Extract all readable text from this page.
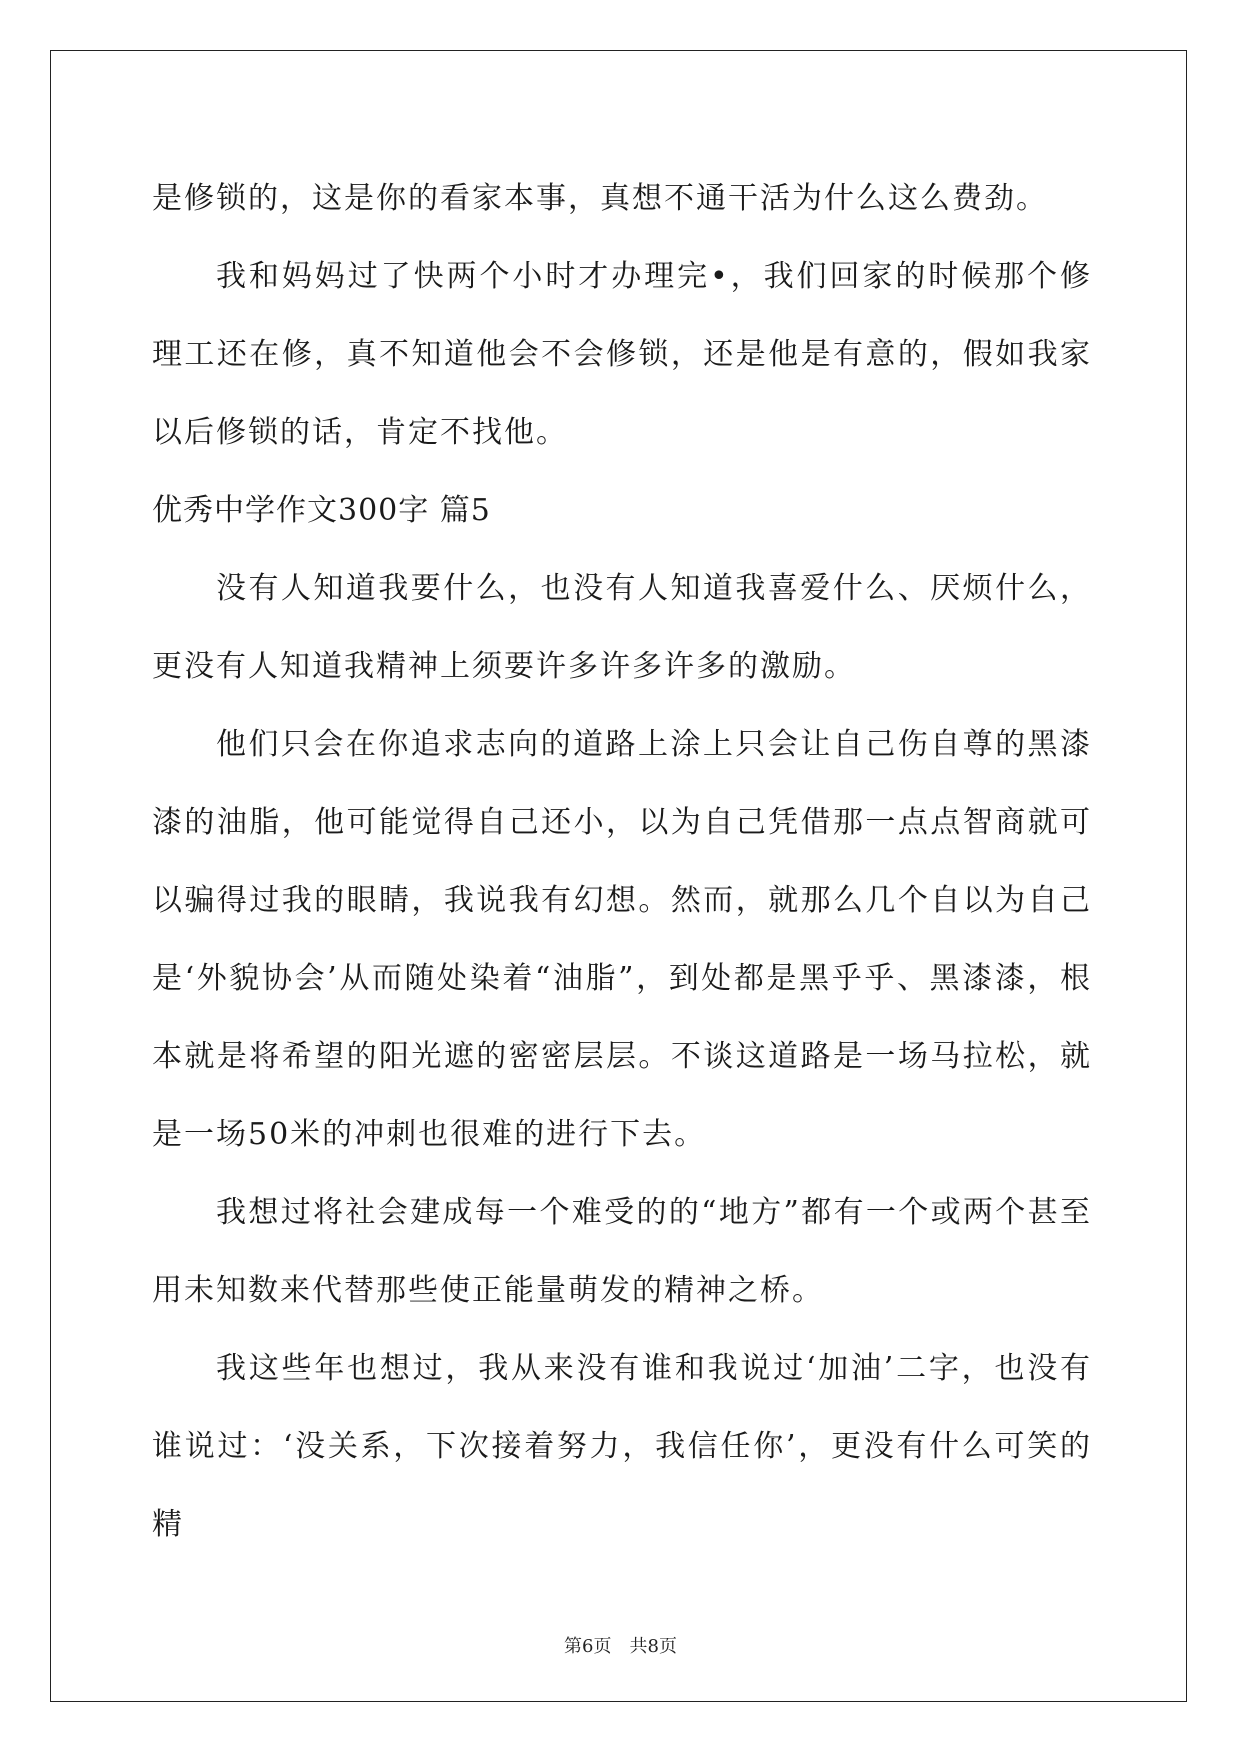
是修锁的，这是你的看家本事，真想不通干活为什么这么费劲。

我和妈妈过了快两个小时才办理完•，我们回家的时候那个修理工还在修，真不知道他会不会修锁，还是他是有意的，假如我家以后修锁的话，肯定不找他。

优秀中学作文300字 篇5

没有人知道我要什么，也没有人知道我喜爱什么、厌烦什么，更没有人知道我精神上须要许多许多许多的激励。

他们只会在你追求志向的道路上涂上只会让自己伤自尊的黑漆漆的油脂，他可能觉得自己还小，以为自己凭借那一点点智商就可以骗得过我的眼睛，我说我有幻想。然而，就那么几个自以为自己是‘外貌协会’从而随处染着“油脂”，到处都是黑乎乎、黑漆漆，根本就是将希望的阳光遮的密密层层。不谈这道路是一场马拉松，就是一场50米的冲刺也很难的进行下去。

我想过将社会建成每一个难受的的“地方”都有一个或两个甚至用未知数来代替那些使正能量萌发的精神之桥。

我这些年也想过，我从来没有谁和我说过‘加油’二字，也没有谁说过：‘没关系，下次接着努力，我信任你’，更没有什么可笑的精

第6页　共8页
